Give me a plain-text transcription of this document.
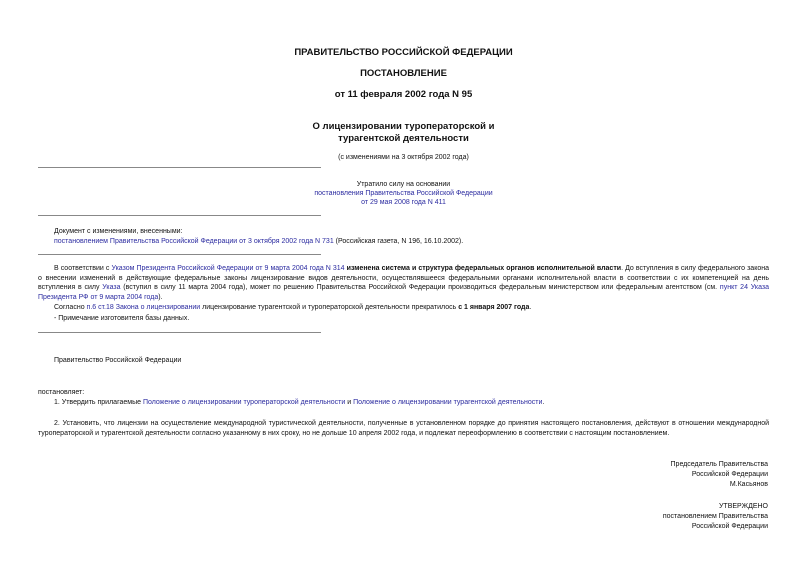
ПРАВИТЕЛЬСТВО РОССИЙСКОЙ ФЕДЕРАЦИИ
ПОСТАНОВЛЕНИЕ
от 11 февраля 2002 года N 95
О лицензировании туроператорской и
турагентской деятельности
(с изменениями на 3 октября 2002 года)
Утратило силу на основании
постановления Правительства Российской Федерации
от 29 мая 2008 года N 411
Документ с изменениями, внесенными:
постановлением Правительства Российской Федерации от 3 октября 2002 года N 731 (Российская газета, N 196, 16.10.2002).

В соответствии с Указом Президента Российской Федерации от 9 марта 2004 года N 314 изменена система и структура федеральных органов исполнительной власти. До вступления в силу федерального закона о внесении изменений в действующие федеральные законы лицензирование видов деятельности, осуществлявшееся федеральными органами исполнительной власти в соответствии с их компетенцией на день вступления в силу Указа (вступил в силу 11 марта 2004 года), может по решению Правительства Российской Федерации производиться федеральным министерством или федеральным агентством (см. пункт 24 Указа Президента РФ от 9 марта 2004 года).

Согласно п.6 ст.18 Закона о лицензировании лицензирование турагентской и туроператорской деятельности прекратилось с 1 января 2007 года.

- Примечание изготовителя базы данных.

Правительство Российской Федерации
постановляет:
1. Утвердить прилагаемые Положение о лицензировании туроператорской деятельности и Положение о лицензировании турагентской деятельности.

2. Установить, что лицензии на осуществление международной туристической деятельности, полученные в установленном порядке до принятия настоящего постановления, действуют в отношении международной туроператорской и турагентской деятельности согласно указанному в них сроку, но не дольше 10 апреля 2002 года, и подлежат переоформлению в соответствии с настоящим постановлением.

Председатель Правительства
Российской Федерации
М.Касьянов
УТВЕРЖДЕНО
постановлением Правительства
Российской Федерации
